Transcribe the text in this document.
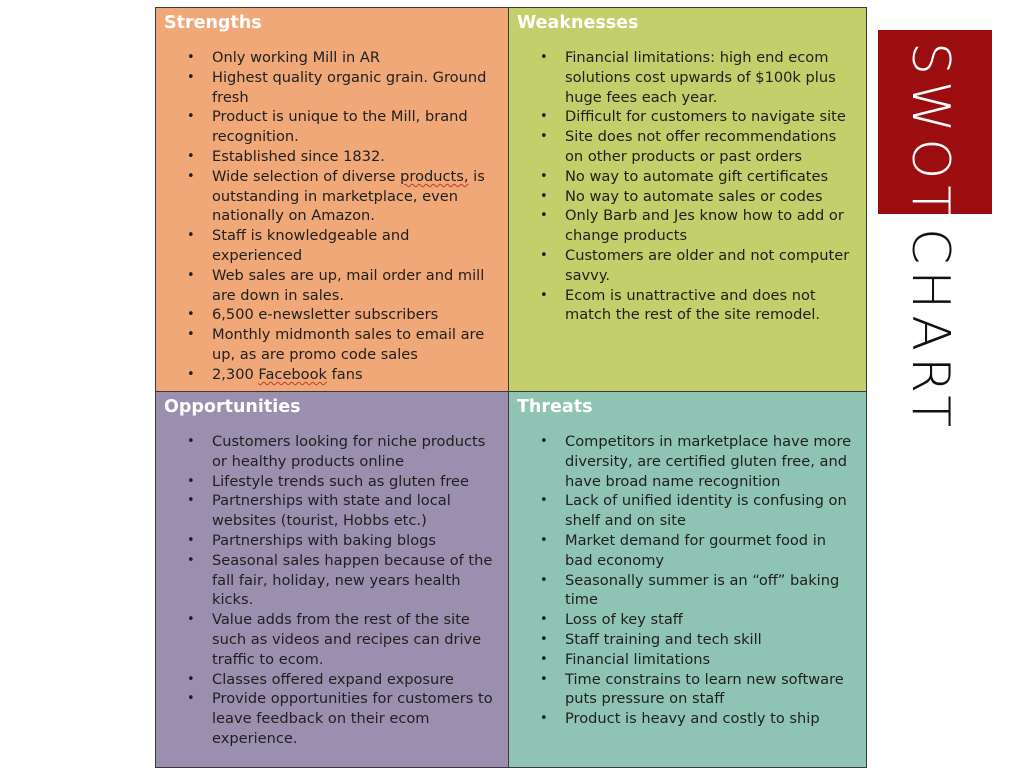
Strengths
• Only working Mill in AR
• Highest quality organic grain. Ground fresh
• Product is unique to the Mill, brand recognition.
• Established since 1832.
• Wide selection of diverse products, is outstanding in marketplace, even nationally on Amazon.
• Staff is knowledgeable and experienced
• Web sales are up, mail order and mill are down in sales.
• 6,500 e-newsletter subscribers
• Monthly midmonth sales to email are up, as are promo code sales
• 2,300 Facebook fans
Weaknesses
• Financial limitations: high end ecom solutions cost upwards of $100k plus huge fees each year.
• Difficult for customers to navigate site
• Site does not offer recommendations on other products or past orders
• No way to automate gift certificates
• No way to automate sales or codes
• Only Barb and Jes know how to add or change products
• Customers are older and not computer savvy.
• Ecom is unattractive and does not match the rest of the site remodel.
Opportunities
• Customers looking for niche products or healthy products online
• Lifestyle trends such as gluten free
• Partnerships with state and local websites (tourist, Hobbs etc.)
• Partnerships with baking blogs
• Seasonal sales happen because of the fall fair, holiday, new years health kicks.
• Value adds from the rest of the site such as videos and recipes can drive traffic to ecom.
• Classes offered expand exposure
• Provide opportunities for customers to leave feedback on their ecom experience.
Threats
• Competitors in marketplace have more diversity, are certified gluten free, and have broad name recognition
• Lack of unified identity is confusing on shelf and on site
• Market demand for gourmet food in bad economy
• Seasonally summer is an “off” baking time
• Loss of key staff
• Staff training and tech skill
• Financial limitations
• Time constrains to learn new software puts pressure on staff
• Product is heavy and costly to ship
SWOT
CHART
